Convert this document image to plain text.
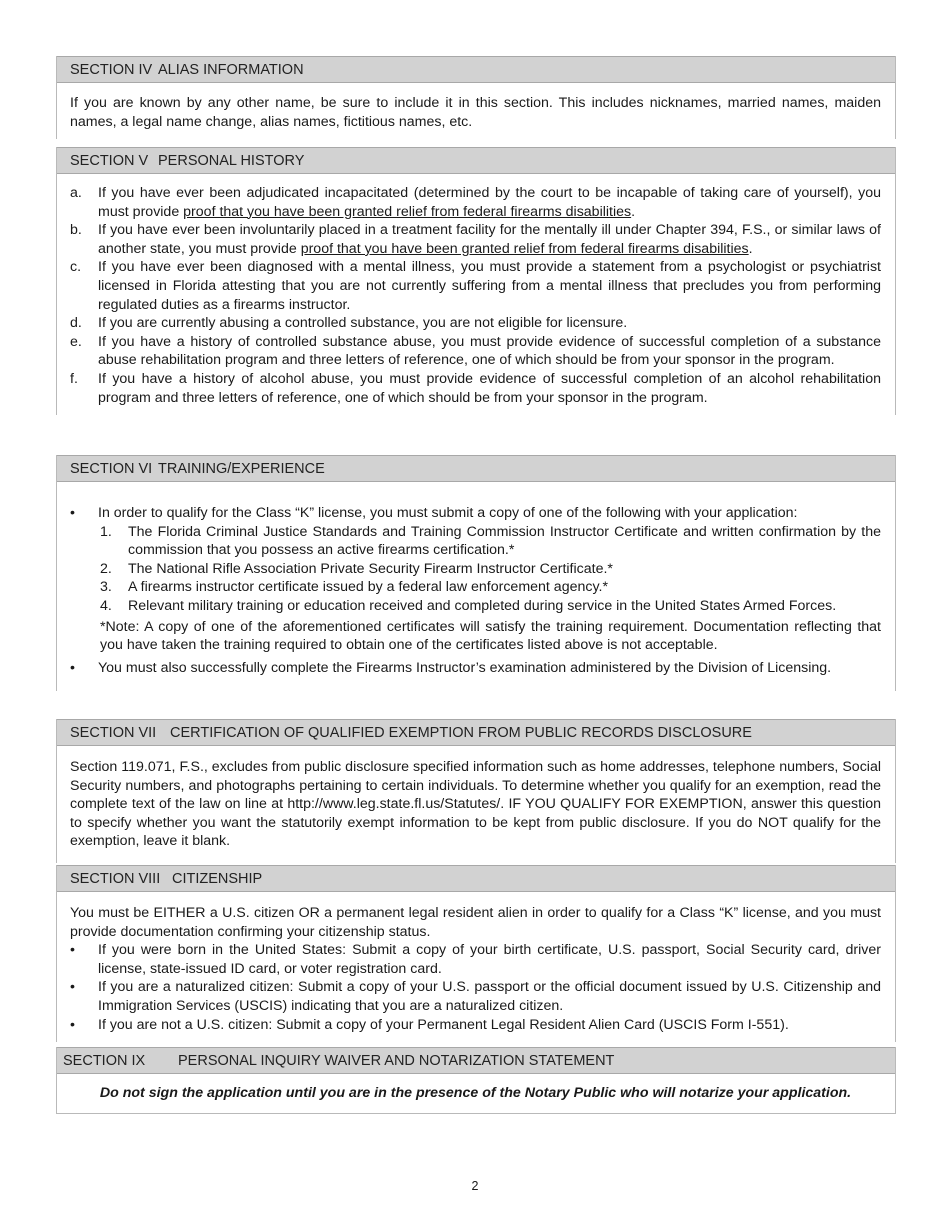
SECTION IV ALIAS INFORMATION
If you are known by any other name, be sure to include it in this section. This includes nicknames, married names, maiden names, a legal name change, alias names, fictitious names, etc.
SECTION V PERSONAL HISTORY
a. If you have ever been adjudicated incapacitated (determined by the court to be incapable of taking care of yourself), you must provide proof that you have been granted relief from federal firearms disabilities.
b. If you have ever been involuntarily placed in a treatment facility for the mentally ill under Chapter 394, F.S., or similar laws of another state, you must provide proof that you have been granted relief from federal firearms disabilities.
c. If you have ever been diagnosed with a mental illness, you must provide a statement from a psychologist or psychiatrist licensed in Florida attesting that you are not currently suffering from a mental illness that precludes you from performing regulated duties as a firearms instructor.
d. If you are currently abusing a controlled substance, you are not eligible for licensure.
e. If you have a history of controlled substance abuse, you must provide evidence of successful completion of a substance abuse rehabilitation program and three letters of reference, one of which should be from your sponsor in the program.
f. If you have a history of alcohol abuse, you must provide evidence of successful completion of an alcohol rehabilitation program and three letters of reference, one of which should be from your sponsor in the program.
SECTION VI TRAINING/EXPERIENCE
• In order to qualify for the Class “K” license, you must submit a copy of one of the following with your application:
1. The Florida Criminal Justice Standards and Training Commission Instructor Certificate and written confirmation by the commission that you possess an active firearms certification.*
2. The National Rifle Association Private Security Firearm Instructor Certificate.*
3. A firearms instructor certificate issued by a federal law enforcement agency.*
4. Relevant military training or education received and completed during service in the United States Armed Forces.
*Note: A copy of one of the aforementioned certificates will satisfy the training requirement. Documentation reflecting that you have taken the training required to obtain one of the certificates listed above is not acceptable.
• You must also successfully complete the Firearms Instructor’s examination administered by the Division of Licensing.
SECTION VII CERTIFICATION OF QUALIFIED EXEMPTION FROM PUBLIC RECORDS DISCLOSURE
Section 119.071, F.S., excludes from public disclosure specified information such as home addresses, telephone numbers, Social Security numbers, and photographs pertaining to certain individuals. To determine whether you qualify for an exemption, read the complete text of the law on line at http://www.leg.state.fl.us/Statutes/. IF YOU QUALIFY FOR EXEMPTION, answer this question to specify whether you want the statutorily exempt information to be kept from public disclosure. If you do NOT qualify for the exemption, leave it blank.
SECTION VIII CITIZENSHIP
You must be EITHER a U.S. citizen OR a permanent legal resident alien in order to qualify for a Class “K” license, and you must provide documentation confirming your citizenship status.
• If you were born in the United States: Submit a copy of your birth certificate, U.S. passport, Social Security card, driver license, state-issued ID card, or voter registration card.
• If you are a naturalized citizen: Submit a copy of your U.S. passport or the official document issued by U.S. Citizenship and Immigration Services (USCIS) indicating that you are a naturalized citizen.
• If you are not a U.S. citizen: Submit a copy of your Permanent Legal Resident Alien Card (USCIS Form I-551).
SECTION IX PERSONAL INQUIRY WAIVER AND NOTARIZATION STATEMENT
Do not sign the application until you are in the presence of the Notary Public who will notarize your application.
2
